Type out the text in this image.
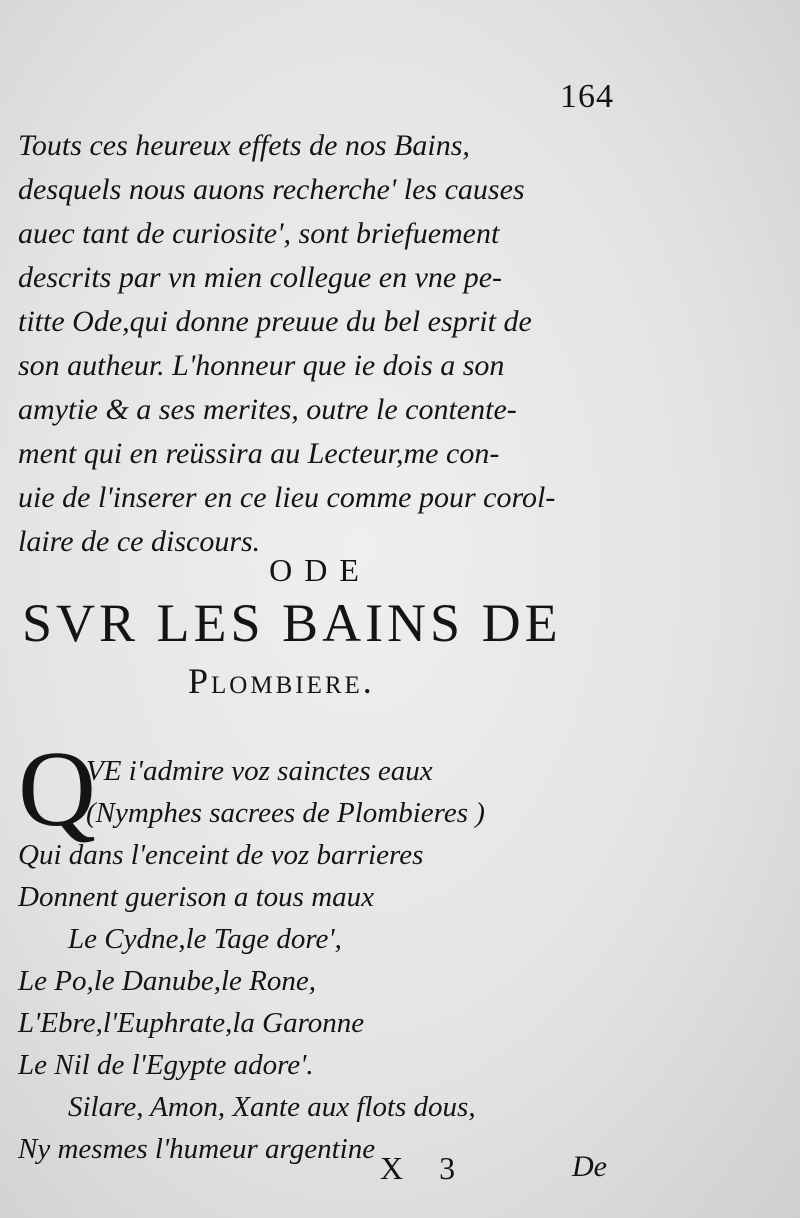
164
Touts ces heureux effets de nos Bains,
desquels nous auons recherche' les causes
auec tant de curiosite', sont briefuement
descrits par vn mien collegue en vne pe-
titte Ode,qui donne preuue du bel esprit de
son autheur. L'honneur que ie dois a son
amytie & a ses merites, outre le contente-
ment qui en reüssira au Lecteur,me con-
uie de l'inserer en ce lieu comme pour corol-
laire de ce discours.
ODE
SVR LES BAINS DE
Plombiere.
Q
VE i'admire voz sainctes eaux
(Nymphes sacrees de Plombieres )
Qui dans l'enceint de voz barrieres
Donnent guerison a tous maux
Le Cydne,le Tage dore',
Le Po,le Danube,le Rone,
L'Ebre,l'Euphrate,la Garonne
Le Nil de l'Egypte adore'.
Silare, Amon, Xante aux flots dous,
Ny mesmes l'humeur argentine
X 3	De
